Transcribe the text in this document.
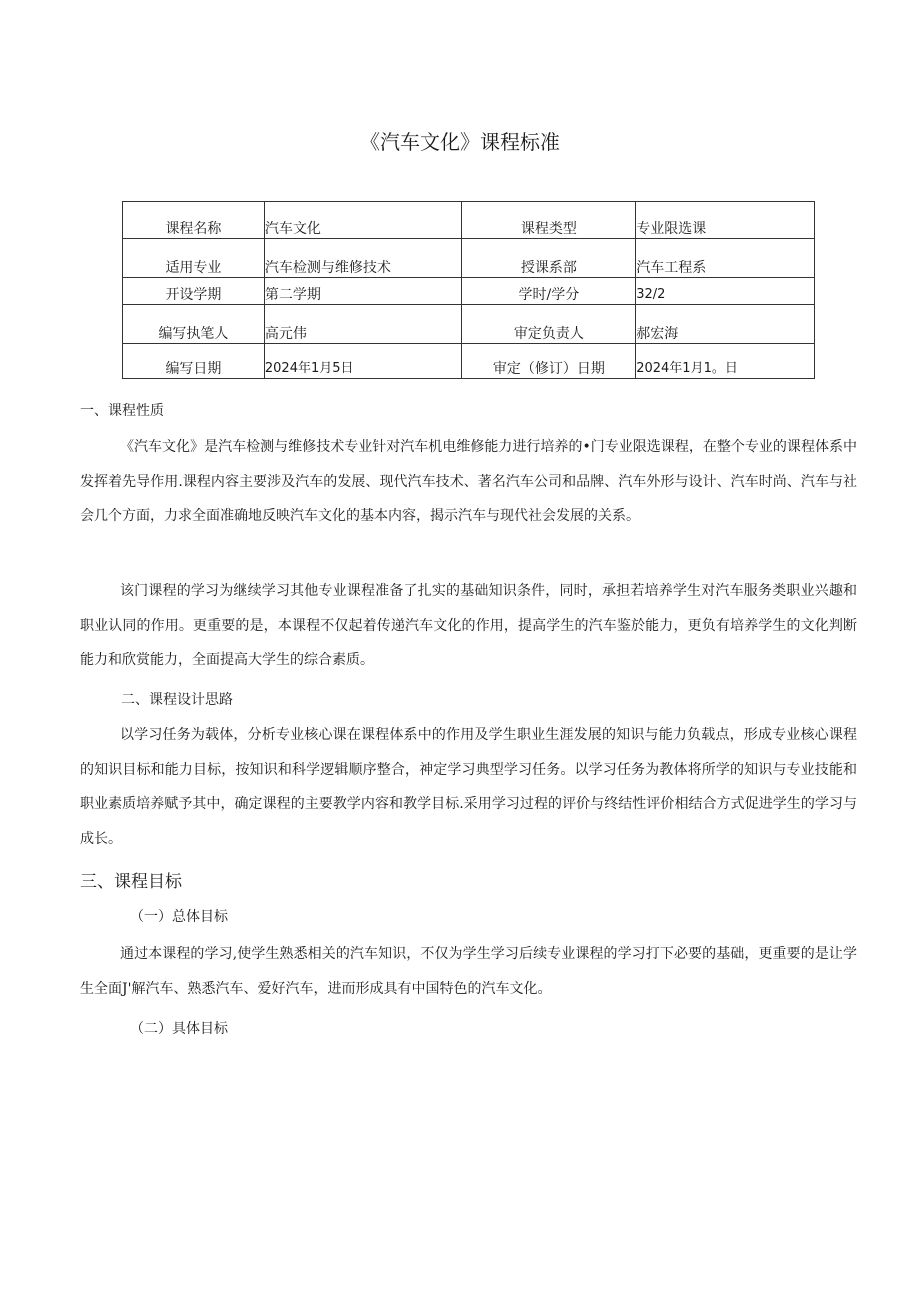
《汽车文化》课程标准
课程名称	汽车文化	课程类型	专业限选课
适用专业	汽车检测与维修技术	授课系部	汽车工程系
开设学期	第二学期	学时/学分	32/2
编写执笔人	高元伟	审定负责人	郝宏海
编写日期	2024年1月5日	审定（修订）日期	2024年1月1。日
一、课程性质

《汽车文化》是汽车检测与维修技术专业针对汽车机电维修能力进行培养的•门专业限选课程，在整个专业的课程体系中发挥着先导作用.课程内容主要涉及汽车的发展、现代汽车技术、著名汽车公司和品牌、汽车外形与设计、汽车时尚、汽车与社会几个方面，力求全面准确地反映汽车文化的基本内容，揭示汽车与现代社会发展的关系。

该门课程的学习为继续学习其他专业课程准备了扎实的基础知识条件，同时，承担若培养学生对汽车服务类职业兴趣和职业认同的作用。更重要的是，本课程不仅起着传递汽车文化的作用，提高学生的汽车鉴於能力，更负有培养学生的文化判断能力和欣赏能力，全面提高大学生的综合素质。

二、课程设计思路

以学习任务为载体，分析专业核心课在课程体系中的作用及学生职业生涯发展的知识与能力负载点，形成专业核心课程的知识目标和能力目标，按知识和科学逻辑顺序整合，神定学习典型学习任务。以学习任务为教体将所学的知识与专业技能和职业素质培养赋予其中，确定课程的主要教学内容和教学目标.采用学习过程的评价与终结性评价相结合方式促进学生的学习与成长。

三、课程目标
（一）总体目标

通过本课程的学习,使学生熟悉相关的汽车知识，不仅为学生学习后续专业课程的学习打下必要的基础，更重要的是让学生全面J'解汽车、熟悉汽车、爱好汽车，进而形成具有中国特色的汽车文化。

（二）具体目标
